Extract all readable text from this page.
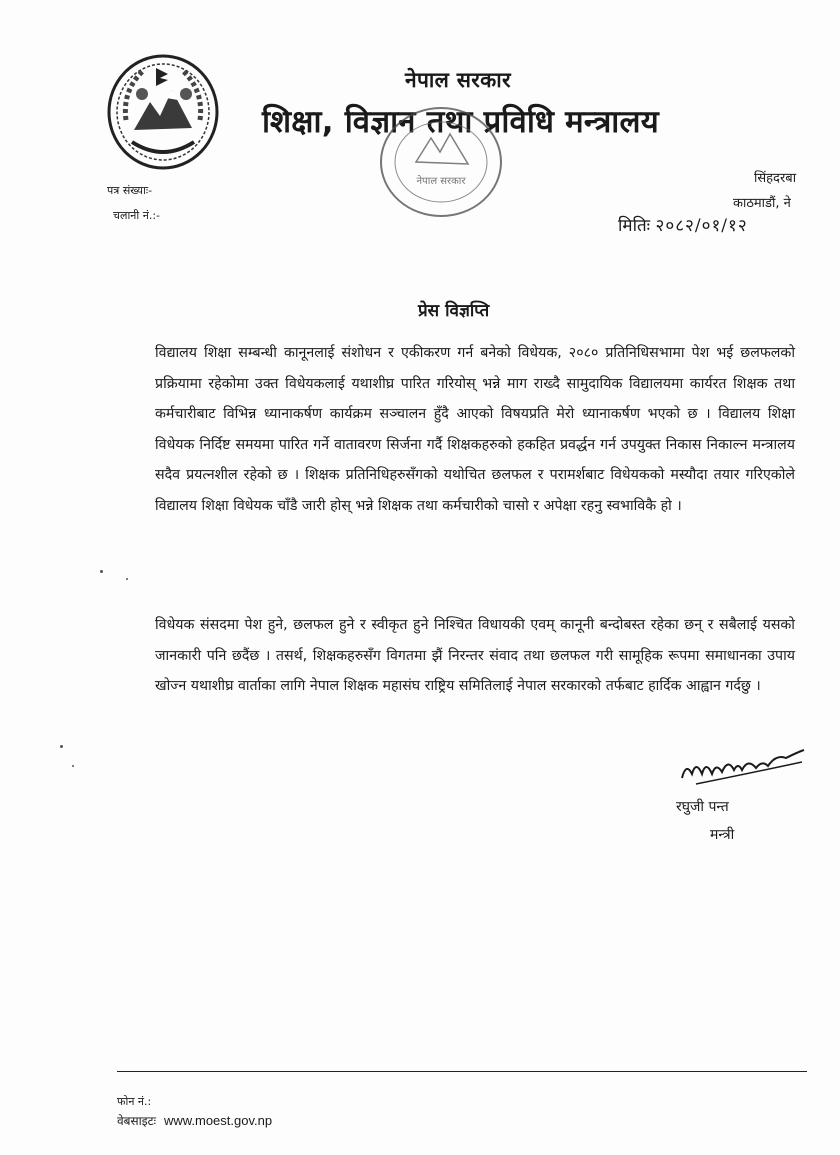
नेपाल सरकार
शिक्षा, विज्ञान तथा प्रविधि मन्त्रालय
नेपाल सरकार	सिंहदरबा
काठमाडौं, ने
मितिः २०८२/०१/१२
पत्र संख्याः-
चलानी नं.:-
प्रेस विज्ञप्ति

विद्यालय शिक्षा सम्बन्धी कानूनलाई संशोधन र एकीकरण गर्न बनेको विधेयक, २०८० प्रतिनिधिसभामा पेश भई छलफलको प्रक्रियामा रहेकोमा उक्त विधेयकलाई यथाशीघ्र पारित गरियोस् भन्ने माग राख्दै सामुदायिक विद्यालयमा कार्यरत शिक्षक तथा कर्मचारीबाट विभिन्न ध्यानाकर्षण कार्यक्रम सञ्चालन हुँदै आएको विषयप्रति मेरो ध्यानाकर्षण भएको छ । विद्यालय शिक्षा विधेयक निर्दिष्ट समयमा पारित गर्ने वातावरण सिर्जना गर्दै शिक्षकहरुको हकहित प्रवर्द्धन गर्न उपयुक्त निकास निकाल्न मन्त्रालय सदैव प्रयत्नशील रहेको छ । शिक्षक प्रतिनिधिहरुसँगको यथोचित छलफल र परामर्शबाट विधेयकको मस्यौदा तयार गरिएकोले विद्यालय शिक्षा विधेयक चाँडै जारी होस् भन्ने शिक्षक तथा कर्मचारीको चासो र अपेक्षा रहनु स्वभाविकै हो ।

विधेयक संसदमा पेश हुने, छलफल हुने र स्वीकृत हुने निश्चित विधायकी एवम् कानूनी बन्दोबस्त रहेका छन् र सबैलाई यसको जानकारी पनि छदैंछ । तसर्थ, शिक्षकहरुसँग विगतमा झैं निरन्तर संवाद तथा छलफल गरी सामूहिक रूपमा समाधानका उपाय खोज्न यथाशीघ्र वार्ताका लागि नेपाल शिक्षक महासंघ राष्ट्रिय समितिलाई नेपाल सरकारको तर्फबाट हार्दिक आह्वान गर्दछु ।

रघुजी पन्त
मन्त्री
फोन नं.:
वेबसाइटः www.moest.gov.np
